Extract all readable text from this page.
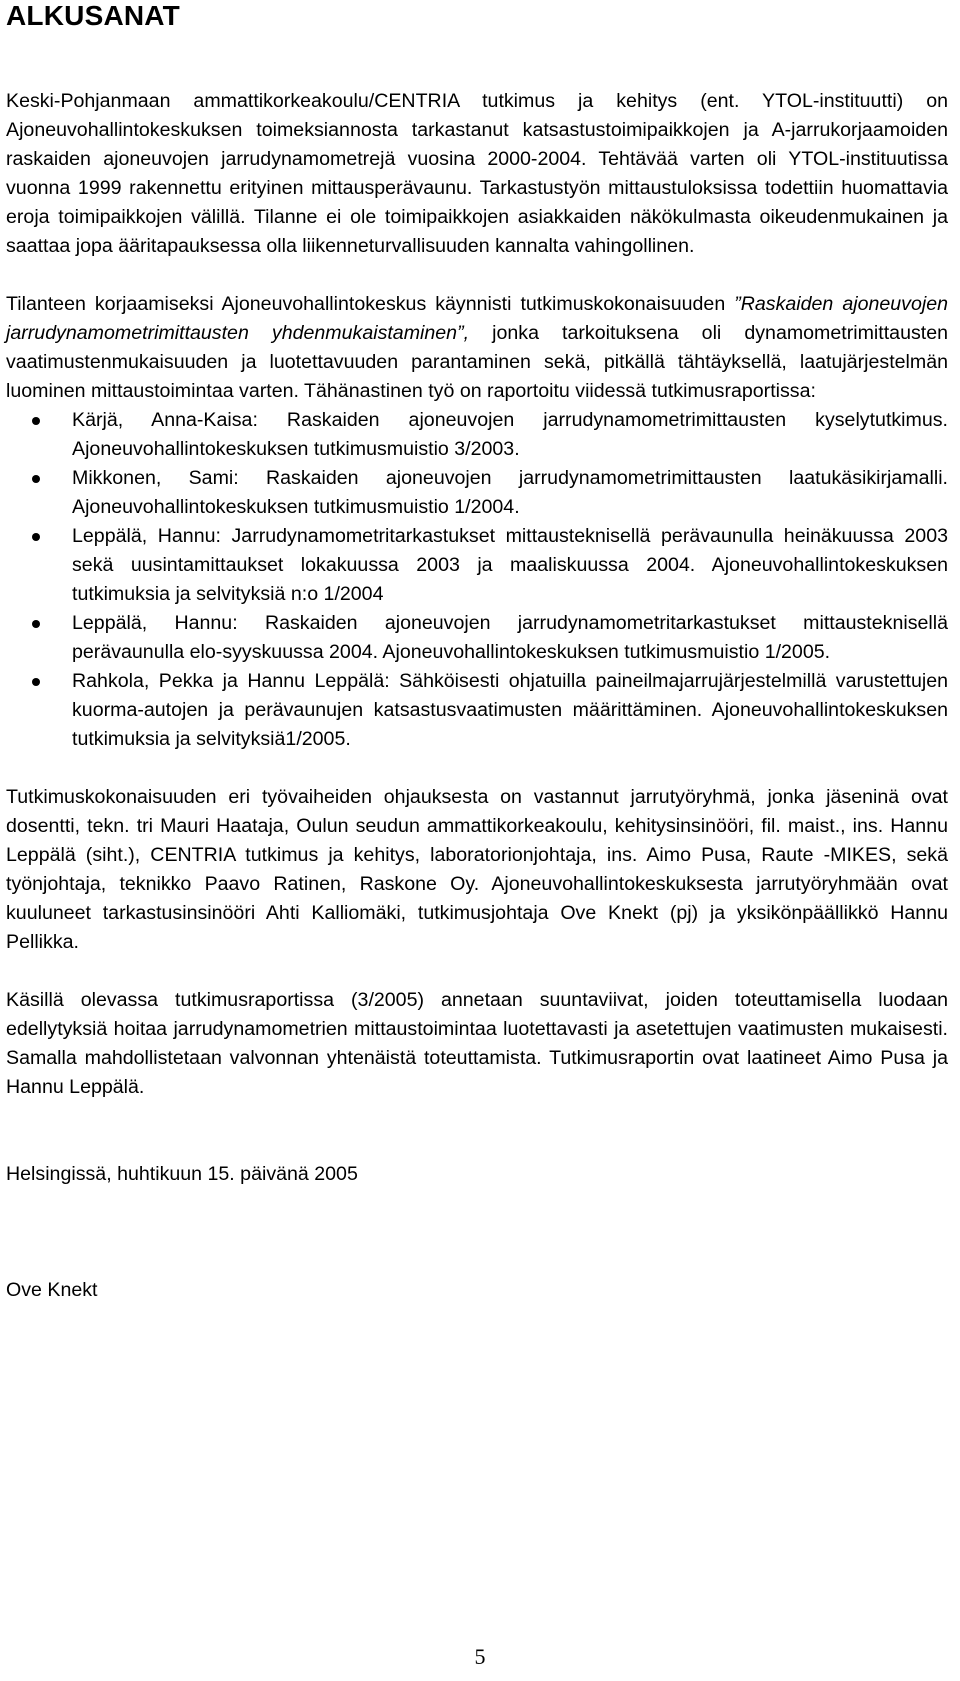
ALKUSANAT

Keski-Pohjanmaan ammattikorkeakoulu/CENTRIA tutkimus ja kehitys (ent. YTOL-instituutti) on Ajoneuvohallintokeskuksen toimeksiannosta tarkastanut katsastustoimipaikkojen ja A-jarrukorjaamoiden raskaiden ajoneuvojen jarrudynamometrejä vuosina 2000-2004. Tehtävää varten oli YTOL-instituutissa vuonna 1999 rakennettu erityinen mittausperävaunu. Tarkastustyön mittaustuloksissa todettiin huomattavia eroja toimipaikkojen välillä. Tilanne ei ole toimipaikkojen asiakkaiden näkökulmasta oikeudenmukainen ja saattaa jopa ääritapauksessa olla liikenneturvallisuuden kannalta vahingollinen.

Tilanteen korjaamiseksi Ajoneuvohallintokeskus käynnisti tutkimuskokonaisuuden ”Raskaiden ajoneuvojen jarrudynamometrimittausten yhdenmukaistaminen”, jonka tarkoituksena oli dynamometrimittausten vaatimustenmukaisuuden ja luotettavuuden parantaminen sekä, pitkällä tähtäyksellä, laatujärjestelmän luominen mittaustoimintaa varten. Tähänastinen työ on raportoitu viidessä tutkimusraportissa:

Kärjä, Anna-Kaisa: Raskaiden ajoneuvojen jarrudynamometrimittausten kyselytutkimus. Ajoneuvohallintokeskuksen tutkimusmuistio 3/2003.
Mikkonen, Sami: Raskaiden ajoneuvojen jarrudynamometrimittausten laatukäsikirjamalli. Ajoneuvohallintokeskuksen tutkimusmuistio 1/2004.
Leppälä, Hannu: Jarrudynamometritarkastukset mittausteknisellä perävaunulla heinäkuussa 2003 sekä uusintamittaukset lokakuussa 2003 ja maaliskuussa 2004. Ajoneuvohallintokeskuksen tutkimuksia ja selvityksiä n:o 1/2004
Leppälä, Hannu: Raskaiden ajoneuvojen jarrudynamometritarkastukset mittausteknisellä perävaunulla elo-syyskuussa 2004. Ajoneuvohallintokeskuksen tutkimusmuistio 1/2005.
Rahkola, Pekka ja Hannu Leppälä: Sähköisesti ohjatuilla paineilmajarrujärjestelmillä varustettujen kuorma-autojen ja perävaunujen katsastusvaatimusten määrittäminen. Ajoneuvohallintokeskuksen tutkimuksia ja selvityksiä1/2005.

Tutkimuskokonaisuuden eri työvaiheiden ohjauksesta on vastannut jarrutyöryhmä, jonka jäseninä ovat dosentti, tekn. tri Mauri Haataja, Oulun seudun ammattikorkeakoulu, kehitysinsinööri, fil. maist., ins. Hannu Leppälä (siht.), CENTRIA tutkimus ja kehitys, laboratorionjohtaja, ins. Aimo Pusa, Raute -MIKES, sekä työnjohtaja, teknikko Paavo Ratinen, Raskone Oy. Ajoneuvohallintokeskuksesta jarrutyöryhmään ovat kuuluneet tarkastusinsinööri Ahti Kalliomäki, tutkimusjohtaja Ove Knekt (pj) ja yksikönpäällikkö Hannu Pellikka.

Käsillä olevassa tutkimusraportissa (3/2005) annetaan suuntaviivat, joiden toteuttamisella luodaan edellytyksiä hoitaa jarrudynamometrien mittaustoimintaa luotettavasti ja asetettujen vaatimusten mukaisesti. Samalla mahdollistetaan valvonnan yhtenäistä toteuttamista. Tutkimusraportin ovat laatineet Aimo Pusa ja Hannu Leppälä.

Helsingissä, huhtikuun 15. päivänä 2005

Ove Knekt

5
